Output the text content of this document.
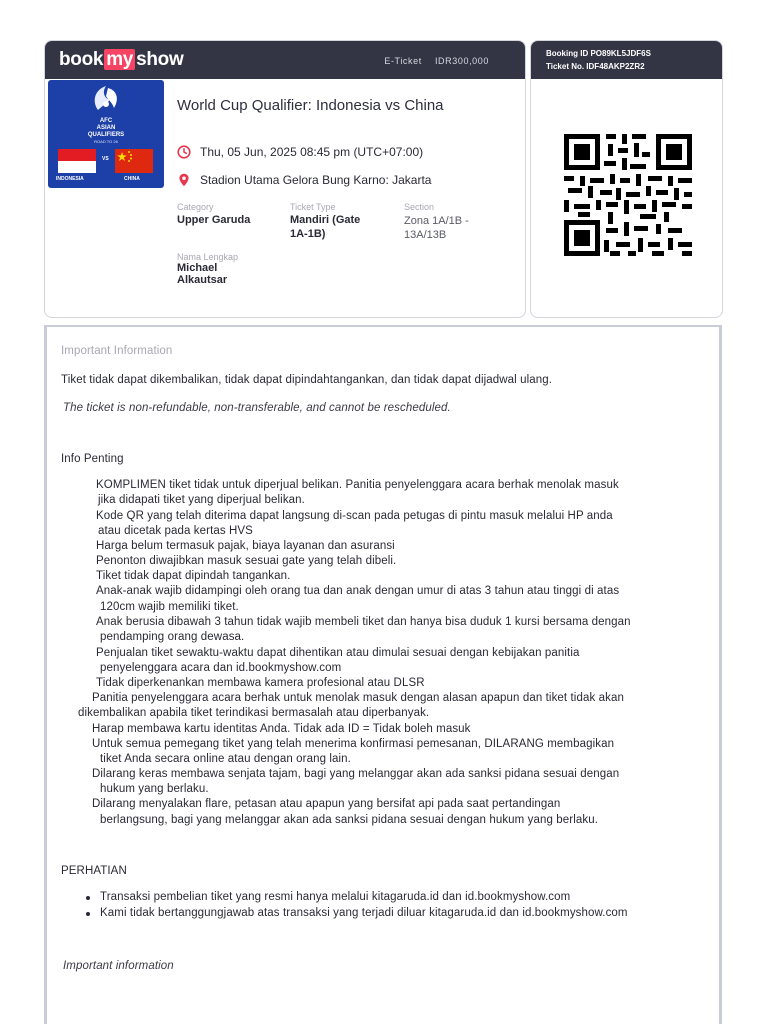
book my show	E-Ticket IDR300,000
AFC
ASIAN
QUALIFIERS
ROAD TO 26
VS
INDONESIA	CHINA
World Cup Qualifier: Indonesia vs China
Thu, 05 Jun, 2025 08:45 pm (UTC+07:00)
Stadion Utama Gelora Bung Karno: Jakarta
Category
Upper Garuda
Ticket Type
Mandiri (Gate
1A-1B)
Section
Zona 1A/1B -
13A/13B
Nama Lengkap
Michael
Alkautsar
Booking ID PO89KL5JDF6S
Ticket No. IDF48AKP2ZR2
Important Information
Tiket tidak dapat dikembalikan, tidak dapat dipindahtangankan, dan tidak dapat dijadwal ulang.
The ticket is non-refundable, non-transferable, and cannot be rescheduled.
Info Penting
KOMPLIMEN tiket tidak untuk diperjual belikan. Panitia penyelenggara acara berhak menolak masuk
jika didapati tiket yang diperjual belikan.
Kode QR yang telah diterima dapat langsung di-scan pada petugas di pintu masuk melalui HP anda
atau dicetak pada kertas HVS
Harga belum termasuk pajak, biaya layanan dan asuransi
Penonton diwajibkan masuk sesuai gate yang telah dibeli.
Tiket tidak dapat dipindah tangankan.
Anak-anak wajib didampingi oleh orang tua dan anak dengan umur di atas 3 tahun atau tinggi di atas
120cm wajib memiliki tiket.
Anak berusia dibawah 3 tahun tidak wajib membeli tiket dan hanya bisa duduk 1 kursi bersama dengan
pendamping orang dewasa.
Penjualan tiket sewaktu-waktu dapat dihentikan atau dimulai sesuai dengan kebijakan panitia
penyelenggara acara dan id.bookmyshow.com
Tidak diperkenankan membawa kamera profesional atau DLSR
Panitia penyelenggara acara berhak untuk menolak masuk dengan alasan apapun dan tiket tidak akan
dikembalikan apabila tiket terindikasi bermasalah atau diperbanyak.
Harap membawa kartu identitas Anda. Tidak ada ID = Tidak boleh masuk
Untuk semua pemegang tiket yang telah menerima konfirmasi pemesanan, DILARANG membagikan
tiket Anda secara online atau dengan orang lain.
Dilarang keras membawa senjata tajam, bagi yang melanggar akan ada sanksi pidana sesuai dengan
hukum yang berlaku.
Dilarang menyalakan flare, petasan atau apapun yang bersifat api pada saat pertandingan
berlangsung, bagi yang melanggar akan ada sanksi pidana sesuai dengan hukum yang berlaku.
PERHATIAN
Transaksi pembelian tiket yang resmi hanya melalui kitagaruda.id dan id.bookmyshow.com
Kami tidak bertanggungjawab atas transaksi yang terjadi diluar kitagaruda.id dan id.bookmyshow.com
Important information
